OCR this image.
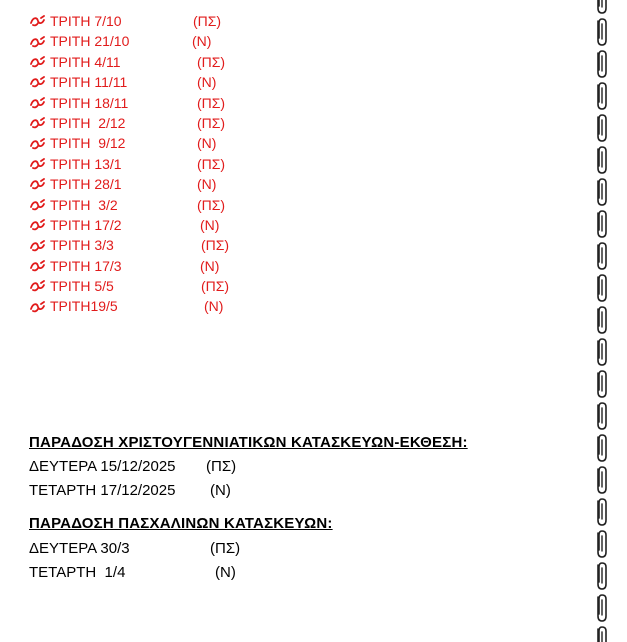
ΤΡΙΤΗ 7/10	(ΠΣ)
ΤΡΙΤΗ 21/10	(Ν)
ΤΡΙΤΗ 4/11	(ΠΣ)
ΤΡΙΤΗ 11/11	(Ν)
ΤΡΙΤΗ 18/11	(ΠΣ)
ΤΡΙΤΗ  2/12	(ΠΣ)
ΤΡΙΤΗ  9/12	(Ν)
ΤΡΙΤΗ 13/1	(ΠΣ)
ΤΡΙΤΗ 28/1	(Ν)
ΤΡΙΤΗ  3/2	(ΠΣ)
ΤΡΙΤΗ 17/2	(Ν)
ΤΡΙΤΗ 3/3	(ΠΣ)
ΤΡΙΤΗ 17/3	(Ν)
ΤΡΙΤΗ 5/5	(ΠΣ)
ΤΡΙΤΗ19/5	(Ν)
ΠΑΡΑΔΟΣΗ ΧΡΙΣΤΟΥΓΕΝΝΙΑΤΙΚΩΝ ΚΑΤΑΣΚΕΥΩΝ-ΕΚΘΕΣΗ:
ΔΕΥΤΕΡΑ 15/12/2025 (ΠΣ)
ΤΕΤΑΡΤΗ 17/12/2025 (Ν)
ΠΑΡΑΔΟΣΗ ΠΑΣΧΑΛΙΝΩΝ ΚΑΤΑΣΚΕΥΩΝ:
ΔΕΥΤΕΡΑ 30/3	(ΠΣ)
ΤΕΤΑΡΤΗ  1/4	(Ν)
